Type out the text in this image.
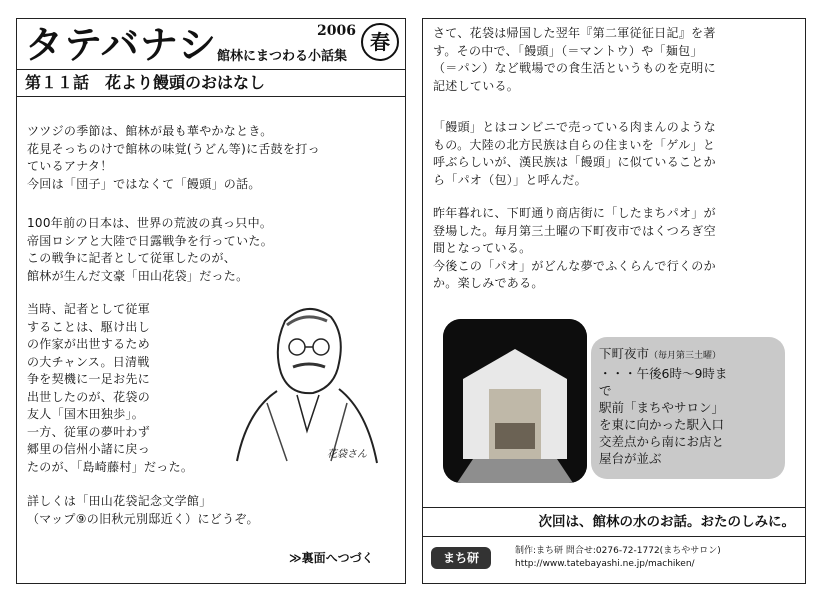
タテバナシ 館林にまつわる小話集
2006 春
第１１話　花より饅頭のおはなし
ツツジの季節は、館林が最も華やかなとき。
花見そっちのけで館林の味覚(うどん等)に舌鼓を打っ
ているアナタ！
今回は「団子」ではなくて「饅頭」の話。
100年前の日本は、世界の荒波の真っ只中。
帝国ロシアと大陸で日露戦争を行っていた。
この戦争に記者として従軍したのが、
館林が生んだ文豪「田山花袋」だった。
当時、記者として従軍
することは、駆け出し
の作家が出世するため
の大チャンス。日清戦
争を契機に一足お先に
出世したのが、花袋の
友人「国木田独歩」。
一方、従軍の夢叶わず
郷里の信州小諸に戻っ
たのが、「島崎藤村」だった。
詳しくは「田山花袋記念文学館」
（マップ⑨の旧秋元別邸近く）にどうぞ。
花袋さん
≫裏面へつづく
さて、花袋は帰国した翌年『第二軍従征日記』を著
す。その中で、「饅頭」（＝マントウ）や「麺包」
（＝パン）など戦場での食生活というものを克明に
記述している。
「饅頭」とはコンビニで売っている肉まんのような
もの。大陸の北方民族は自らの住まいを「ゲル」と
呼ぶらしいが、漢民族は「饅頭」に似ていることか
ら「パオ（包）」と呼んだ。
昨年暮れに、下町通り商店街に「したまちパオ」が
登場した。毎月第三土曜の下町夜市ではくつろぎ空
間となっている。
今後この「パオ」がどんな夢でふくらんで行くのか
か。楽しみである。
下町夜市（毎月第三土曜）
・・・午後6時～9時ま
で
駅前「まちやサロン」
を東に向かった駅入口
交差点から南にお店と
屋台が並ぶ
次回は、館林の水のお話。おたのしみに。
まち研	制作:まち研 問合せ:0276-72-1772(まちやサロン)
http://www.tatebayashi.ne.jp/machiken/
